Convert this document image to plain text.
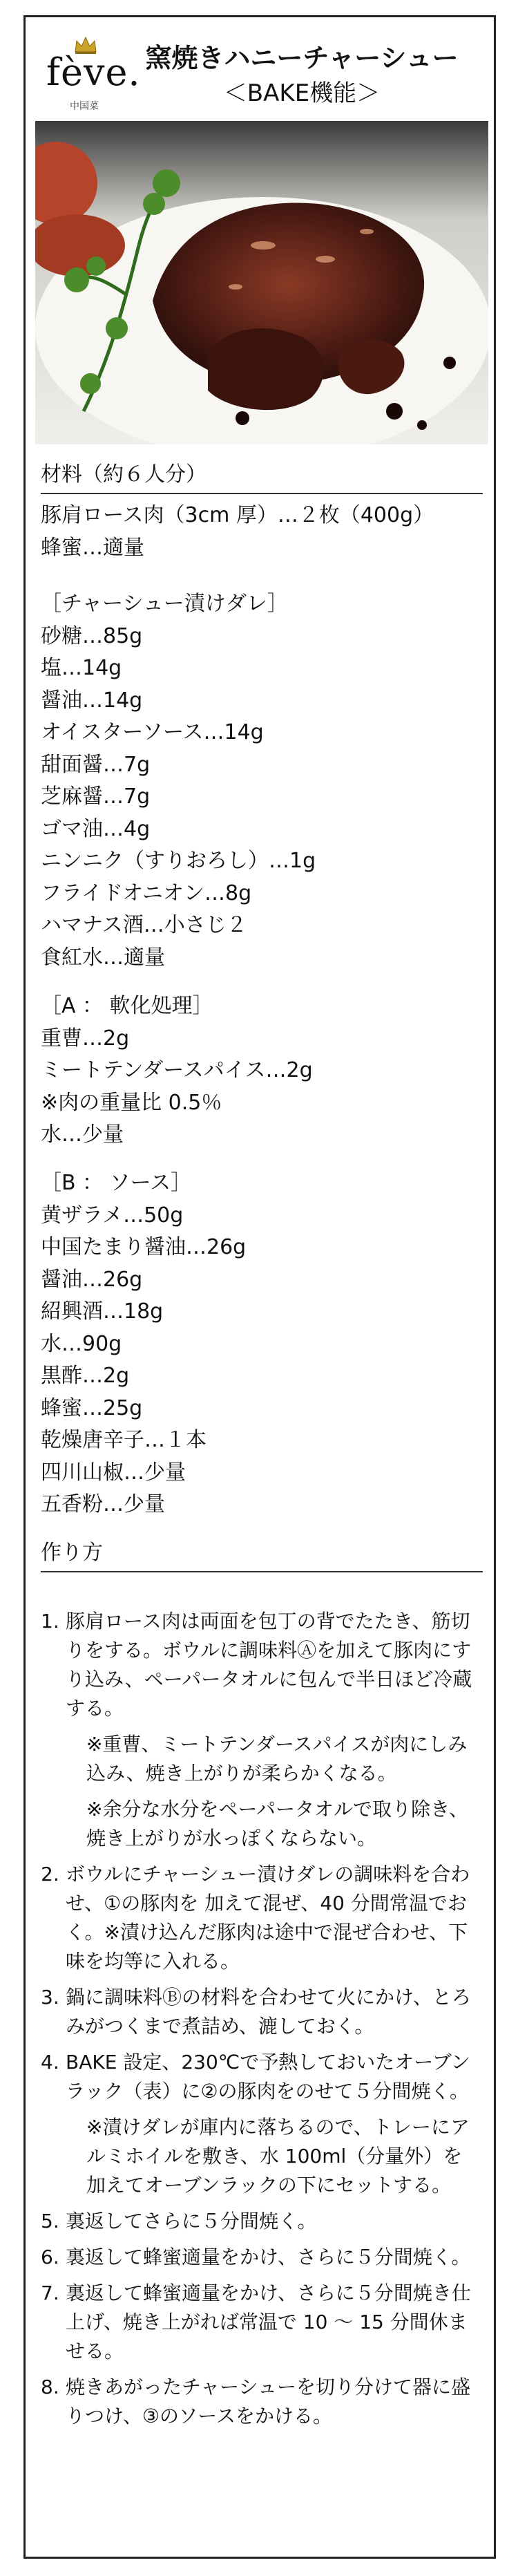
fève.
中国菜
窯焼きハニーチャーシュー
＜BAKE機能＞
材料（約６人分）
豚肩ロース肉（3cm 厚）…２枚（400g）
蜂蜜…適量
［チャーシュー漬けダレ］
砂糖…85g
塩…14g
醤油…14g
オイスターソース…14g
甜面醤…7g
芝麻醤…7g
ゴマ油…4g
ニンニク（すりおろし）…1g
フライドオニオン…8g
ハマナス酒…小さじ２
食紅水…適量
［A ： 軟化処理］
重曹…2g
ミートテンダースパイス…2g
※肉の重量比 0.5％
水…少量
［B ： ソース］
黄ザラメ…50g
中国たまり醤油…26g
醤油…26g
紹興酒…18g
水…90g
黒酢…2g
蜂蜜…25g
乾燥唐辛子…１本
四川山椒…少量
五香粉…少量
作り方
1. 豚肩ロース肉は両面を包丁の背でたたき、筋切りをする。ボウルに調味料Ⓐを加えて豚肉にすり込み、ペーパータオルに包んで半日ほど冷蔵する。
※重曹、ミートテンダースパイスが肉にしみ込み、焼き上がりが柔らかくなる。
※余分な水分をペーパータオルで取り除き、焼き上がりが水っぽくならない。
2. ボウルにチャーシュー漬けダレの調味料を合わせ、①の豚肉を 加えて混ぜ、40 分間常温でおく。※漬け込んだ豚肉は途中で混ぜ合わせ、下味を均等に入れる。
3. 鍋に調味料Ⓑの材料を合わせて火にかけ、とろみがつくまで煮詰め、漉しておく。
4. BAKE 設定、230℃で予熱しておいたオーブンラック（表）に②の豚肉をのせて５分間焼く。
※漬けダレが庫内に落ちるので、トレーにアルミホイルを敷き、水 100ml（分量外）を加えてオーブンラックの下にセットする。
5. 裏返してさらに５分間焼く。
6. 裏返して蜂蜜適量をかけ、さらに５分間焼く。
7. 裏返して蜂蜜適量をかけ、さらに５分間焼き仕上げ、焼き上がれば常温で 10 ～ 15 分間休ませる。
8. 焼きあがったチャーシューを切り分けて器に盛りつけ、③のソースをかける。
